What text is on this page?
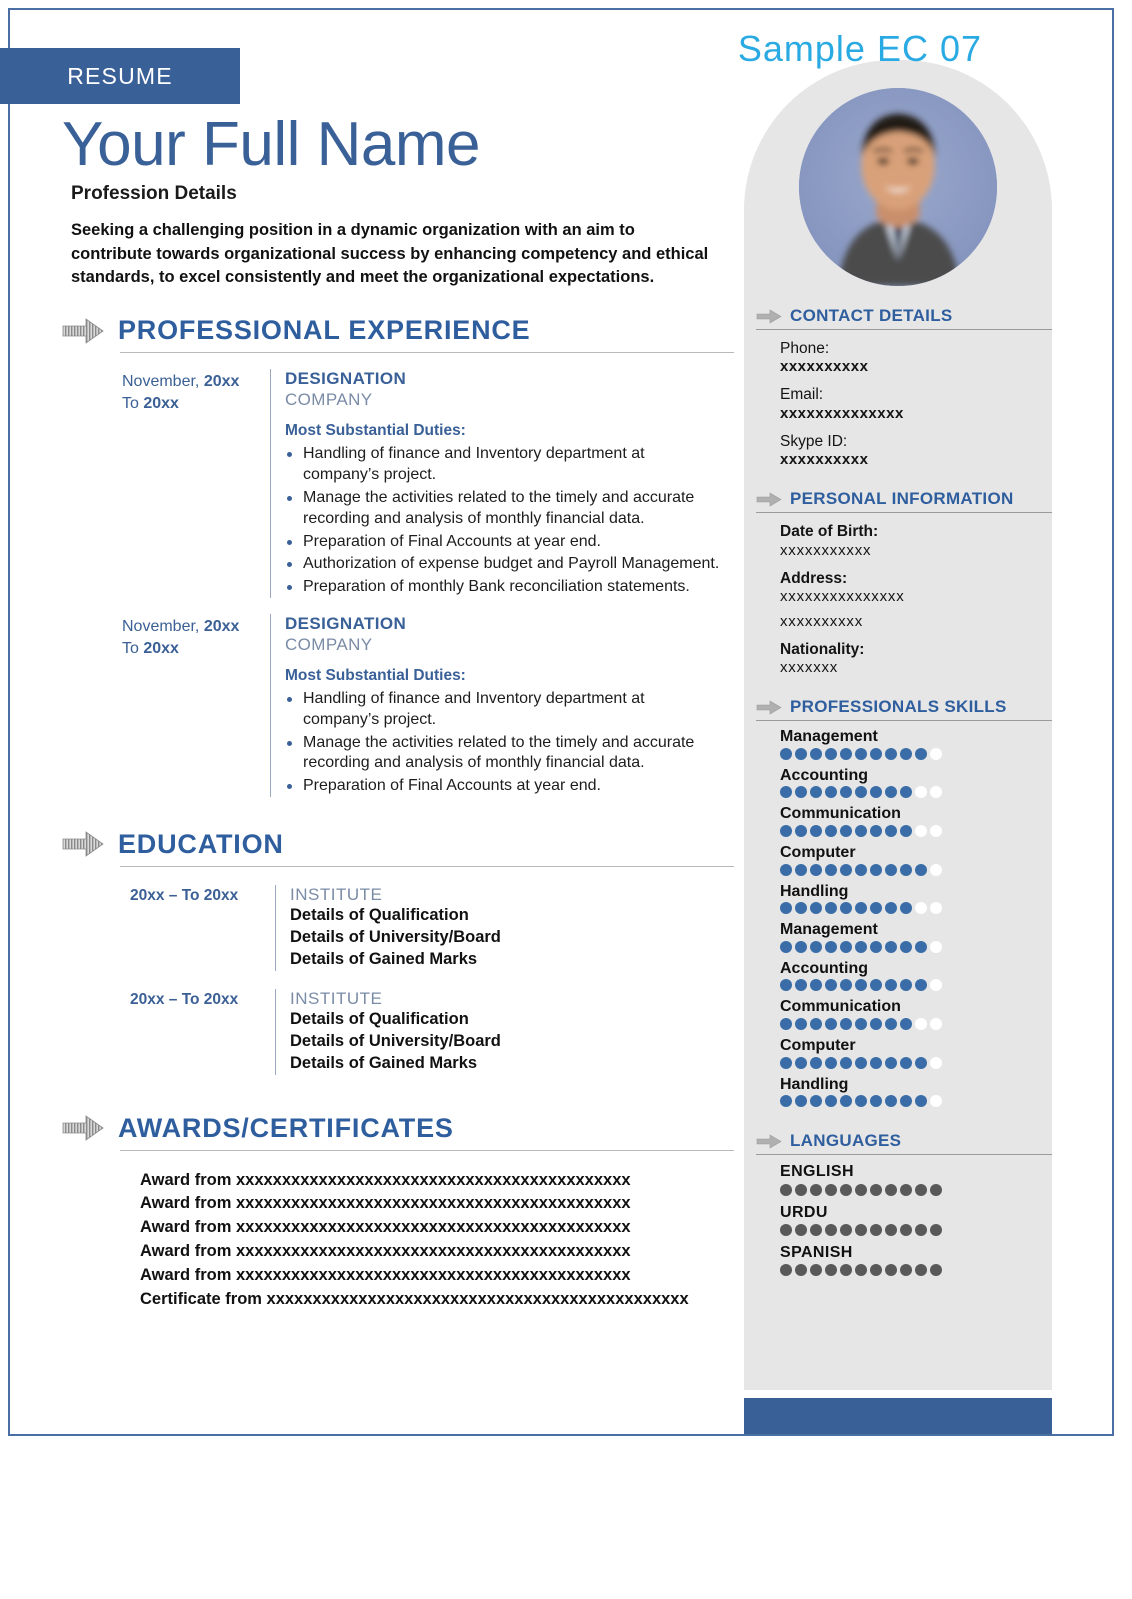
RESUME
Sample EC 07
Your Full Name
Profession Details
Seeking a challenging position in a dynamic organization with an aim to contribute towards organizational success by enhancing competency and ethical standards, to excel consistently and meet the organizational expectations.
PROFESSIONAL EXPERIENCE
November, 20xx
To 20xx
DESIGNATION
COMPANY
Most Substantial Duties:
Handling of finance and Inventory department at company’s project.
Manage the activities related to the timely and accurate recording and analysis of monthly financial data.
Preparation of Final Accounts at year end.
Authorization of expense budget and Payroll Management.
Preparation of monthly Bank reconciliation statements.
November, 20xx
To 20xx
DESIGNATION
COMPANY
Most Substantial Duties:
Handling of finance and Inventory department at company’s project.
Manage the activities related to the timely and accurate recording and analysis of monthly financial data.
Preparation of Final Accounts at year end.
EDUCATION
20xx – To 20xx	INSTITUTE
Details of Qualification
Details of University/Board
Details of Gained Marks
20xx – To 20xx	INSTITUTE
Details of Qualification
Details of University/Board
Details of Gained Marks
AWARDS/CERTIFICATES
Award from xxxxxxxxxxxxxxxxxxxxxxxxxxxxxxxxxxxxxxxxxxx
Award from xxxxxxxxxxxxxxxxxxxxxxxxxxxxxxxxxxxxxxxxxxx
Award from xxxxxxxxxxxxxxxxxxxxxxxxxxxxxxxxxxxxxxxxxxx
Award from xxxxxxxxxxxxxxxxxxxxxxxxxxxxxxxxxxxxxxxxxxx
Award from xxxxxxxxxxxxxxxxxxxxxxxxxxxxxxxxxxxxxxxxxxx
Certificate from xxxxxxxxxxxxxxxxxxxxxxxxxxxxxxxxxxxxxxxxxxxxxx
CONTACT DETAILS
Phone:
xxxxxxxxxx
Email:
xxxxxxxxxxxxxx
Skype ID:
xxxxxxxxxx
PERSONAL INFORMATION
Date of Birth:
xxxxxxxxxxx
Address:
xxxxxxxxxxxxxxx
xxxxxxxxxx
Nationality:
xxxxxxx
PROFESSIONALS SKILLS
Management
Accounting
Communication
Computer
Handling
Management
Accounting
Communication
Computer
Handling
LANGUAGES
ENGLISH
URDU
SPANISH
